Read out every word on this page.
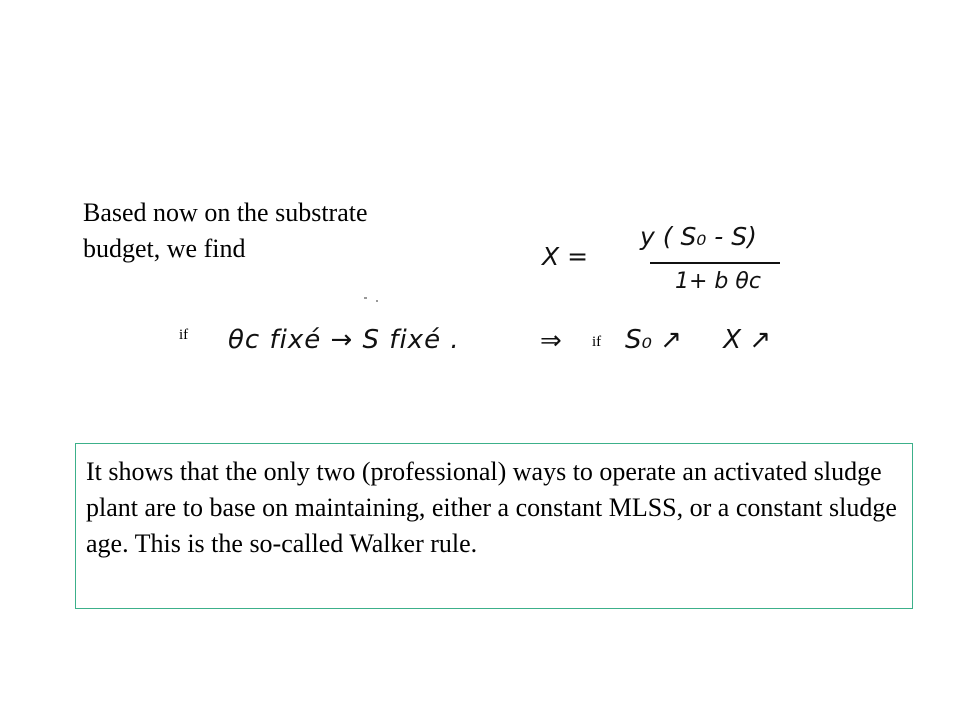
Based now on the substrate
budget, we find	X =
y ( S₀ - S)
1+ b θc
if θc fixé → S fixé .	⇒ if S₀ ↗     X ↗
It shows that the only two (professional) ways to operate an activated sludge plant are to base on maintaining, either a constant MLSS, or a constant sludge age. This is the so-called Walker rule.
